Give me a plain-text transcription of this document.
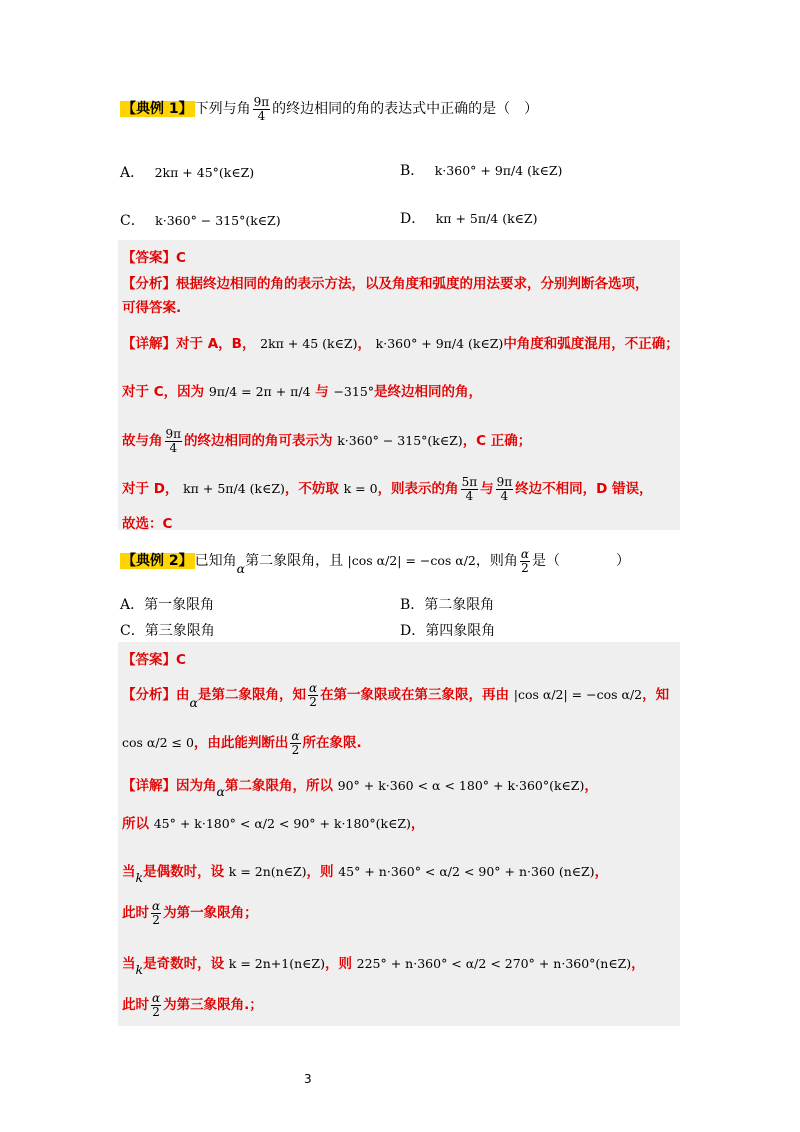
【典例 1】 下列与角 $\frac{9\pi}{4}$ 的终边相同的角的表达式中正确的是（　）
A． 2kπ + 45°(k∈Z)	B． k·360° + 9π/4 (k∈Z)
C． k·360° − 315°(k∈Z)	D． kπ + 5π/4 (k∈Z)
【答案】C
【分析】根据终边相同的角的表示方法，以及角度和弧度的用法要求，分别判断各选项，
可得答案.
【详解】对于 A，B， 2kπ + 45 (k∈Z)， k·360° + 9π/4 (k∈Z)中角度和弧度混用，不正确；
对于 C，因为 9π/4 = 2π + π/4 与 −315°是终边相同的角，
故与角 $\frac{9\pi}{4}$ 的终边相同的角可表示为 k·360° − 315°(k∈Z)，C 正确；
对于 D， kπ + 5π/4 (k∈Z)，不妨取 k = 0，则表示的角 $\frac{5\pi}{4}$ 与 $\frac{9\pi}{4}$ 终边不相同，D 错误，
故选：C
【典例 2】 已知角α第二象限角，且 |cos α/2| = −cos α/2，则角 $\frac{\alpha}{2}$ 是（　　　　）
A．第一象限角	B．第二象限角
C．第三象限角	D．第四象限角
【答案】C
【分析】由α是第二象限角，知 $\frac{\alpha}{2}$ 在第一象限或在第三象限，再由 |cos α/2| = −cos α/2，知
cos α/2 ≤ 0，由此能判断出 $\frac{\alpha}{2}$ 所在象限.
【详解】因为角α第二象限角，所以 90° + k·360 < α < 180° + k·360°(k∈Z)，
所以 45° + k·180° < α/2 < 90° + k·180°(k∈Z)，
当k是偶数时，设 k = 2n(n∈Z)，则 45° + n·360° < α/2 < 90° + n·360 (n∈Z)，
此时 $\frac{\alpha}{2}$ 为第一象限角；
当k是奇数时，设 k = 2n+1(n∈Z)，则 225° + n·360° < α/2 < 270° + n·360°(n∈Z)，
此时 $\frac{\alpha}{2}$ 为第三象限角.；
3
